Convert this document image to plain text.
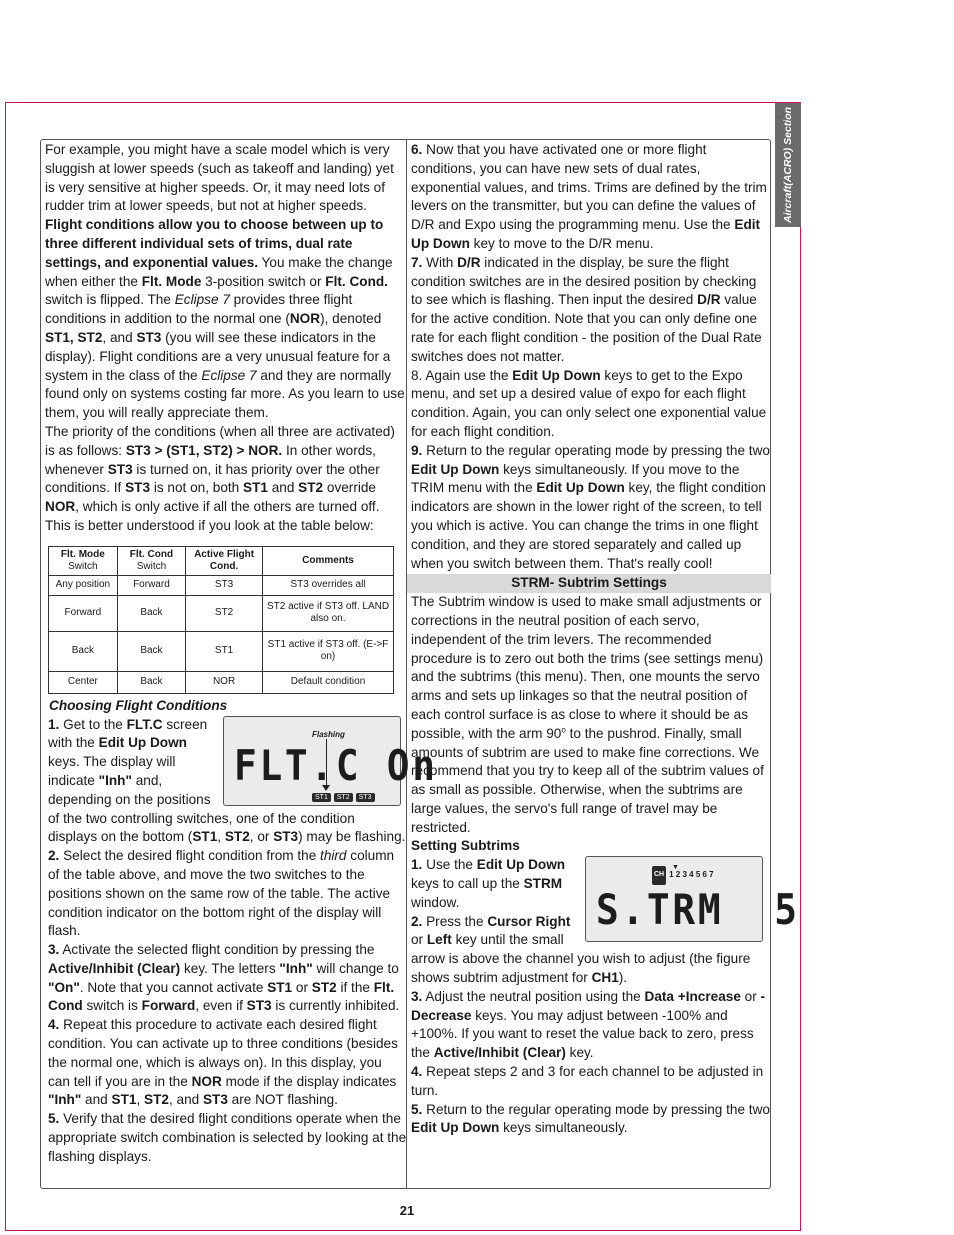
Aircraft(ACRO) Section

For example, you might have a scale model which is very sluggish at lower speeds (such as takeoff and landing) yet is very sensitive at higher speeds. Or, it may need lots of rudder trim at lower speeds, but not at higher speeds. Flight conditions allow you to choose between up to three different individual sets of trims, dual rate settings, and exponential values. You make the change when either the Flt. Mode 3-position switch or Flt. Cond. switch is flipped. The Eclipse 7 provides three flight conditions in addition to the normal one (NOR), denoted ST1, ST2, and ST3 (you will see these indicators in the display). Flight conditions are a very unusual feature for a system in the class of the Eclipse 7 and they are normally found only on systems costing far more. As you learn to use them, you will really appreciate them.

The priority of the conditions (when all three are activated) is as follows: ST3 > (ST1, ST2) > NOR. In other words, whenever ST3 is turned on, it has priority over the other conditions. If ST3 is not on, both ST1 and ST2 override NOR, which is only active if all the others are turned off. This is better understood if you look at the table below:

Flt. Mode Switch	Flt. Cond Switch	Active Flight Cond.	Comments
Any position	Forward	ST3	ST3 overrides all
Forward	Back	ST2	ST2 active if ST3 off. LAND also on.
Back	Back	ST1	ST1 active if ST3 off. (E->F on)
Center	Back	NOR	Default condition

Choosing Flight Conditions

Flashing
FLT.C On
ST1	ST2	ST3

1. Get to the FLT.C screen with the Edit Up Down keys. The display will indicate "Inh" and, depending on the positions of the two controlling switches, one of the condition displays on the bottom (ST1, ST2, or ST3) may be flashing.

2. Select the desired flight condition from the third column of the table above, and move the two switches to the positions shown on the same row of the table. The active condition indicator on the bottom right of the display will flash.

3. Activate the selected flight condition by pressing the Active/Inhibit (Clear) key. The letters "Inh" will change to "On". Note that you cannot activate ST1 or ST2 if the Flt. Cond switch is Forward, even if ST3 is currently inhibited.

4. Repeat this procedure to activate each desired flight condition. You can activate up to three conditions (besides the normal one, which is always on). In this display, you can tell if you are in the NOR mode if the display indicates "Inh" and ST1, ST2, and ST3 are NOT flashing.

5. Verify that the desired flight conditions operate when the appropriate switch combination is selected by looking at the flashing displays.

6. Now that you have activated one or more flight conditions, you can have new sets of dual rates, exponential values, and trims. Trims are defined by the trim levers on the transmitter, but you can define the values of D/R and Expo using the programming menu. Use the Edit Up Down key to move to the D/R menu.

7. With D/R indicated in the display, be sure the flight condition switches are in the desired position by checking to see which is flashing. Then input the desired D/R value for the active condition. Note that you can only define one rate for each flight condition - the position of the Dual Rate switches does not matter.

8. Again use the Edit Up Down keys to get to the Expo menu, and set up a desired value of expo for each flight condition. Again, you can only select one exponential value for each flight condition.

9. Return to the regular operating mode by pressing the two Edit Up Down keys simultaneously. If you move to the TRIM menu with the Edit Up Down key, the flight condition indicators are shown in the lower right of the screen, to tell you which is active. You can change the trims in one flight condition, and they are stored separately and called up when you switch between them. That's really cool!

STRM- Subtrim Settings

The Subtrim window is used to make small adjustments or corrections in the neutral position of each servo, independent of the trim levers. The recommended procedure is to zero out both the trims (see settings menu) and the subtrims (this menu). Then, one mounts the servo arms and sets up linkages so that the neutral position of each control surface is as close to where it should be as possible, with the arm 90$^o$ to the pushrod. Finally, small amounts of subtrim are used to make fine corrections. We recommend that you try to keep all of the subtrim values of as small as possible. Otherwise, when the subtrims are large values, the servo's full range of travel may be restricted.

Setting Subtrims

▼
CH 1 2 3 4 5 6 7
S.TRM  5

1. Use the Edit Up Down keys to call up the STRM window.

2. Press the Cursor Right or Left key until the small arrow is above the channel you wish to adjust (the figure shows subtrim adjustment for CH1).

3. Adjust the neutral position using the Data +Increase or -Decrease keys. You may adjust between -100% and +100%. If you want to reset the value back to zero, press the Active/Inhibit (Clear) key.

4. Repeat steps 2 and 3 for each channel to be adjusted in turn.

5. Return to the regular operating mode by pressing the two Edit Up Down keys simultaneously.

21
